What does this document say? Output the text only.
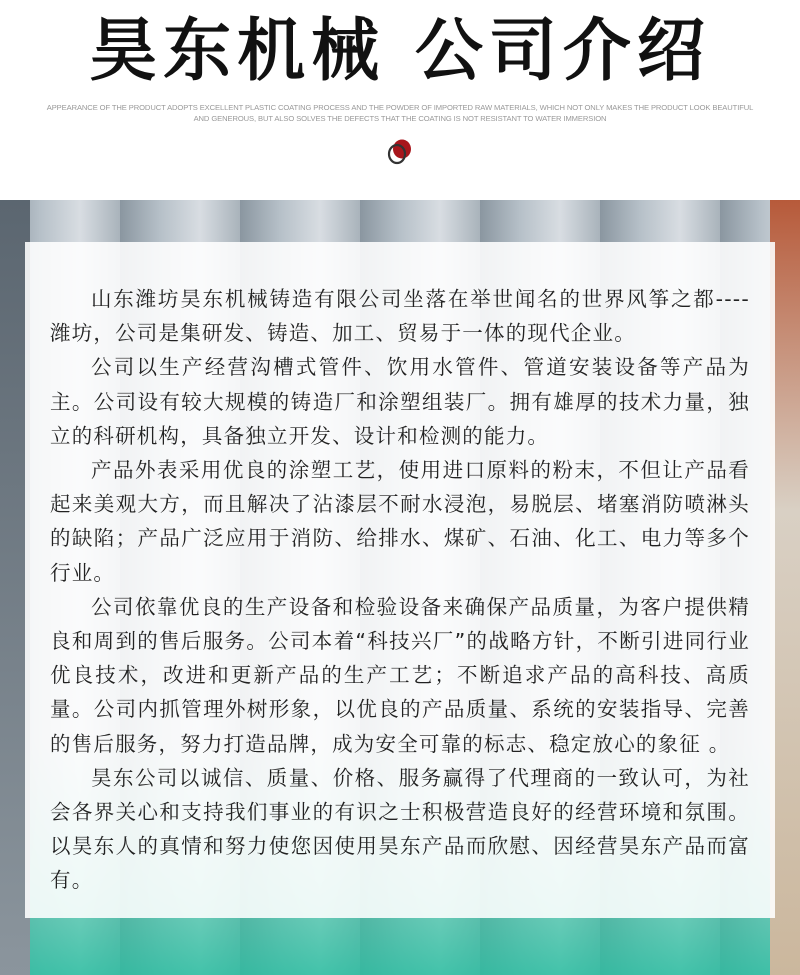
昊东机械 公司介绍
APPEARANCE OF THE PRODUCT ADOPTS EXCELLENT PLASTIC COATING PROCESS AND THE POWDER OF IMPORTED RAW MATERIALS, WHICH NOT ONLY MAKES THE PRODUCT LOOK BEAUTIFUL
AND GENEROUS, BUT ALSO SOLVES THE DEFECTS THAT THE COATING IS NOT RESISTANT TO WATER IMMERSION

山东潍坊昊东机械铸造有限公司坐落在举世闻名的世界风筝之都----潍坊，公司是集研发、铸造、加工、贸易于一体的现代企业。

公司以生产经营沟槽式管件、饮用水管件、管道安装设备等产品为主。公司设有较大规模的铸造厂和涂塑组装厂。拥有雄厚的技术力量，独立的科研机构，具备独立开发、设计和检测的能力。

产品外表采用优良的涂塑工艺，使用进口原料的粉末，不但让产品看起来美观大方，而且解决了沾漆层不耐水浸泡，易脱层、堵塞消防喷淋头的缺陷；产品广泛应用于消防、给排水、煤矿、石油、化工、电力等多个行业。

公司依靠优良的生产设备和检验设备来确保产品质量，为客户提供精良和周到的售后服务。公司本着“科技兴厂”的战略方针，不断引进同行业优良技术，改进和更新产品的生产工艺；不断追求产品的高科技、高质量。公司内抓管理外树形象，以优良的产品质量、系统的安装指导、完善的售后服务，努力打造品牌，成为安全可靠的标志、稳定放心的象征 。

昊东公司以诚信、质量、价格、服务赢得了代理商的一致认可，为社会各界关心和支持我们事业的有识之士积极营造良好的经营环境和氛围。以昊东人的真情和努力使您因使用昊东产品而欣慰、因经营昊东产品而富有。
